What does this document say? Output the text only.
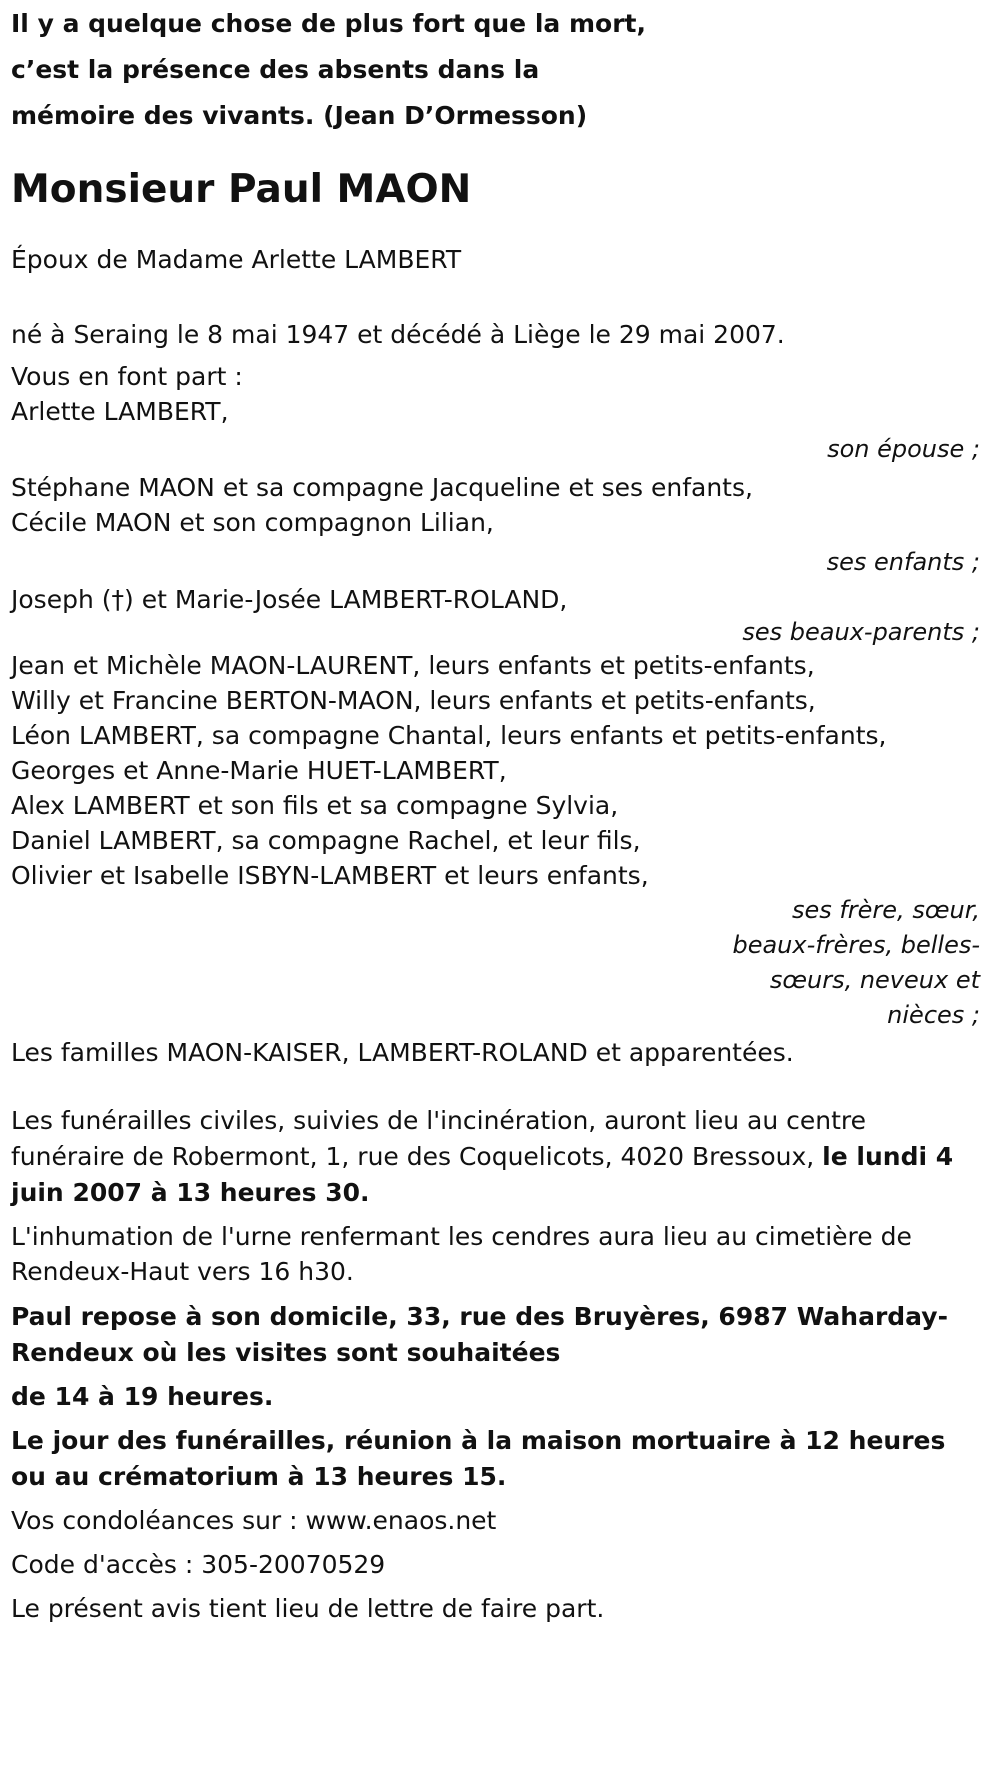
Il y a quelque chose de plus fort que la mort,

c’est la présence des absents dans la

mémoire des vivants. (Jean D’Ormesson)

Monsieur Paul MAON

Époux de Madame Arlette LAMBERT

né à Seraing le 8 mai 1947 et décédé à Liège le 29 mai 2007.

Vous en font part :

Arlette LAMBERT,

son épouse ;

Stéphane MAON et sa compagne Jacqueline et ses enfants,

Cécile MAON et son compagnon Lilian,

ses enfants ;

Joseph (†) et Marie-Josée LAMBERT-ROLAND,

ses beaux-parents ;

Jean et Michèle MAON-LAURENT, leurs enfants et petits-enfants,

Willy et Francine BERTON-MAON, leurs enfants et petits-enfants,

Léon LAMBERT, sa compagne Chantal, leurs enfants et petits-enfants,

Georges et Anne-Marie HUET-LAMBERT,

Alex LAMBERT et son fils et sa compagne Sylvia,

Daniel LAMBERT, sa compagne Rachel, et leur fils,

Olivier et Isabelle ISBYN-LAMBERT et leurs enfants,

ses frère, sœur,
beaux-frères, belles-
sœurs, neveux et
nièces ;

Les familles MAON-KAISER, LAMBERT-ROLAND et apparentées.

Les funérailles civiles, suivies de l'incinération, auront lieu au centre funéraire de Robermont, 1, rue des Coquelicots, 4020 Bressoux, le lundi 4 juin 2007 à 13 heures 30.

L'inhumation de l'urne renfermant les cendres aura lieu au cimetière de Rendeux-Haut vers 16 h30.

Paul repose à son domicile, 33, rue des Bruyères, 6987 Waharday-Rendeux où les visites sont souhaitées

de 14 à 19 heures.

Le jour des funérailles, réunion à la maison mortuaire à 12 heures ou au crématorium à 13 heures 15.

Vos condoléances sur : www.enaos.net

Code d'accès : 305-20070529

Le présent avis tient lieu de lettre de faire part.
